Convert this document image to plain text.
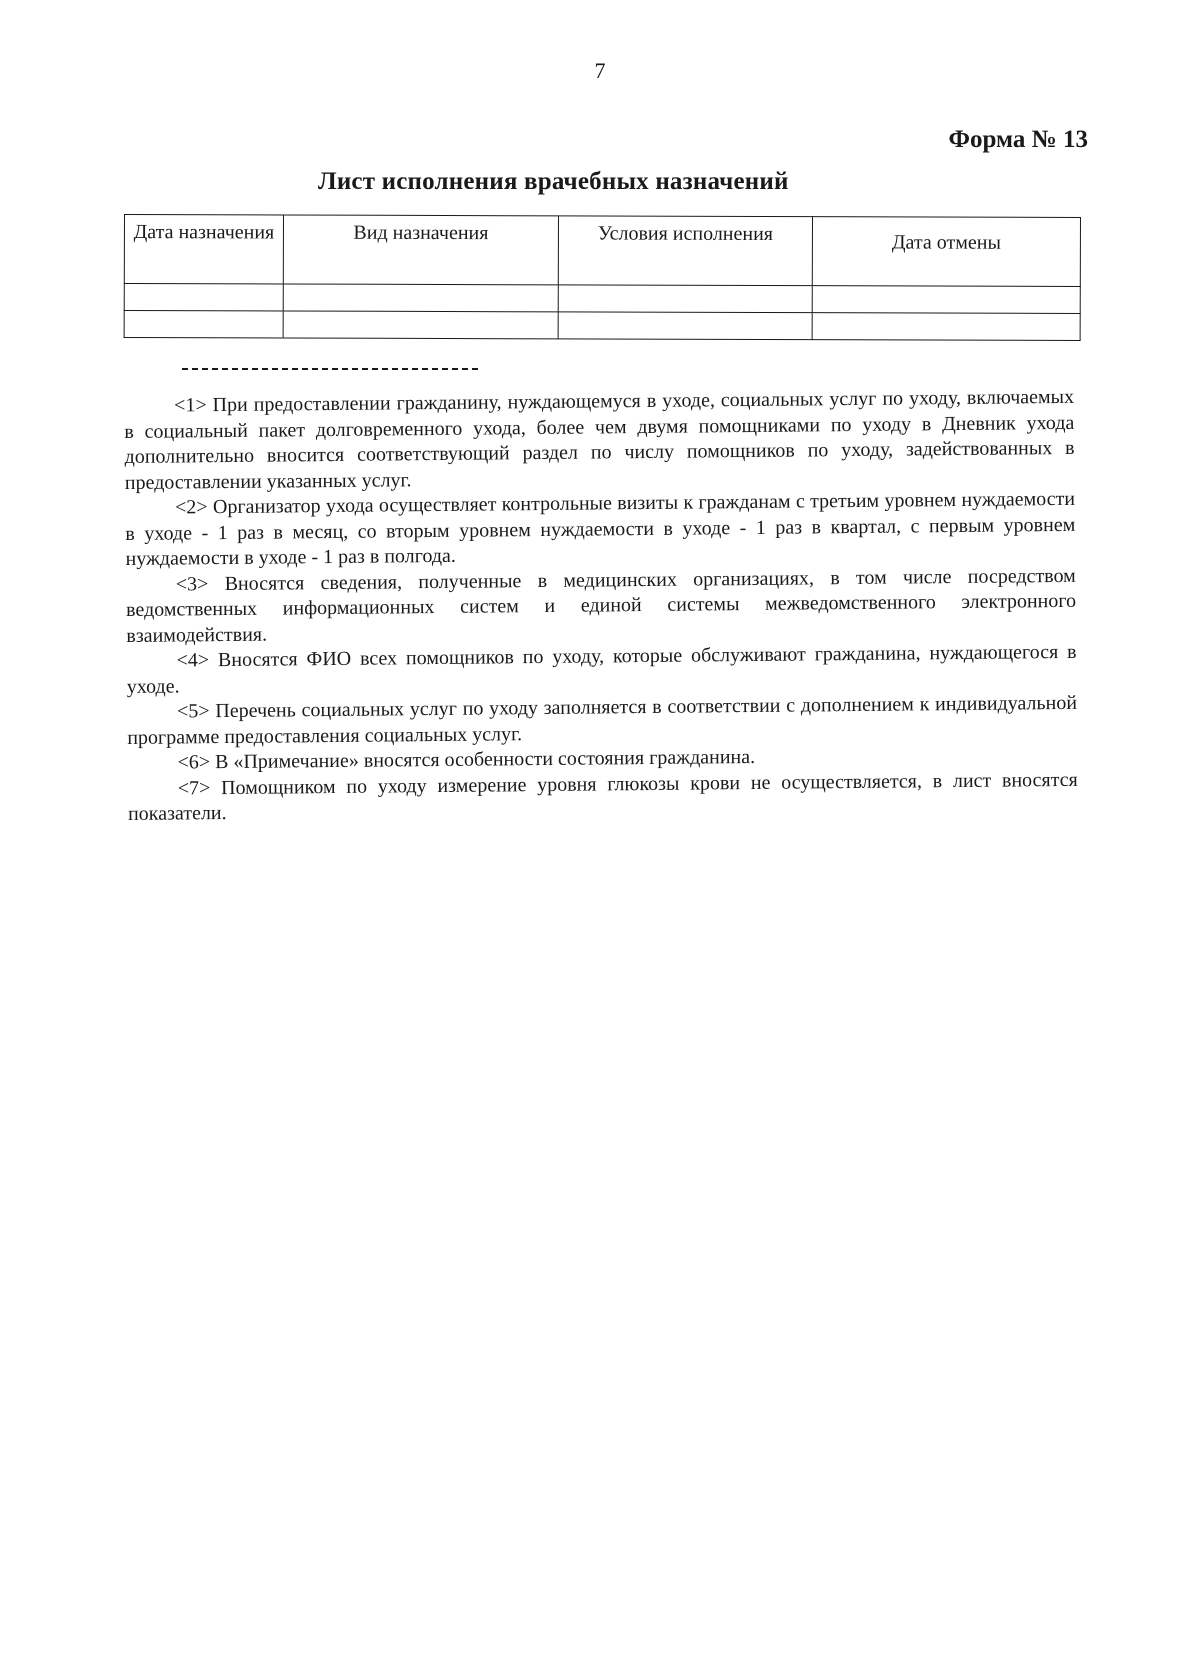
7
Форма № 13
Лист исполнения врачебных назначений
Дата назначения	Вид назначения	Условия исполнения	Дата отмены

<1> При предоставлении гражданину, нуждающемуся в уходе, социальных услуг по уходу, включаемых в социальный пакет долговременного ухода, более чем двумя помощниками по уходу в Дневник ухода дополнительно вносится соответствующий раздел по числу помощников по уходу, задействованных в предоставлении указанных услуг.

<2> Организатор ухода осуществляет контрольные визиты к гражданам с третьим уровнем нуждаемости в уходе - 1 раз в месяц, со вторым уровнем нуждаемости в уходе - 1 раз в квартал, с первым уровнем нуждаемости в уходе - 1 раз в полгода.

<3> Вносятся сведения, полученные в медицинских организациях, в том числе посредством ведомственных информационных систем и единой системы межведомственного электронного взаимодействия.

<4> Вносятся ФИО всех помощников по уходу, которые обслуживают гражданина, нуждающегося в уходе.

<5> Перечень социальных услуг по уходу заполняется в соответствии с дополнением к индивидуальной программе предоставления социальных услуг.

<6> В «Примечание» вносятся особенности состояния гражданина.

<7> Помощником по уходу измерение уровня глюкозы крови не осуществляется, в лист вносятся показатели.
